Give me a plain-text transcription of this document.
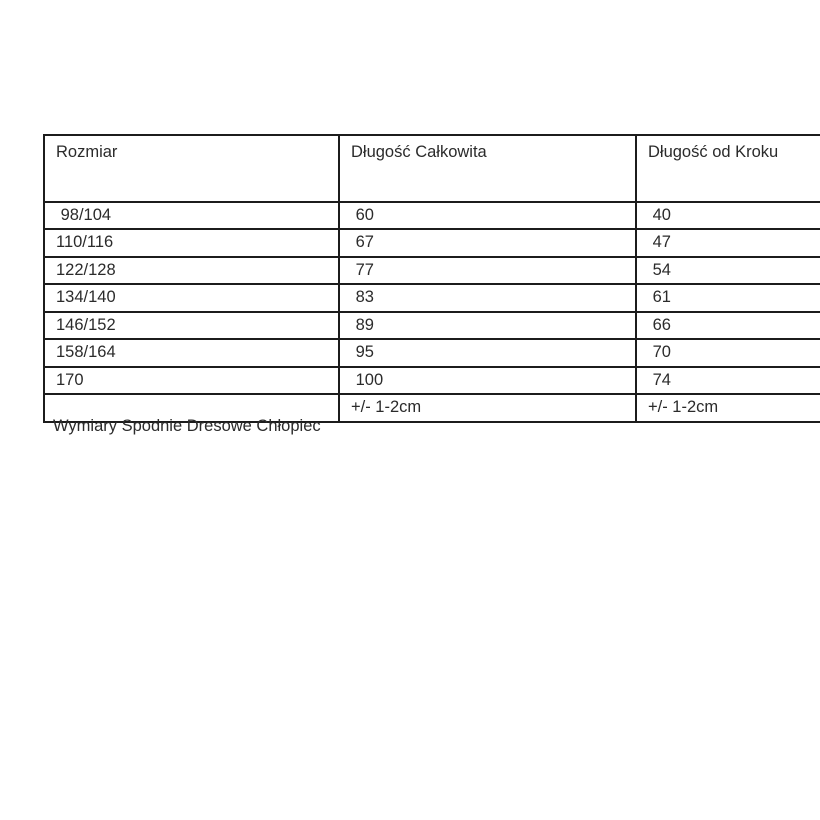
Rozmiar	Długość Całkowita	Długość od Kroku
98/104	60	40
110/116	67	47
122/128	77	54
134/140	83	61
146/152	89	66
158/164	95	70
170	100	74
	+/- 1-2cm	+/- 1-2cm
Wymiary Spodnie Dresowe Chłopiec
